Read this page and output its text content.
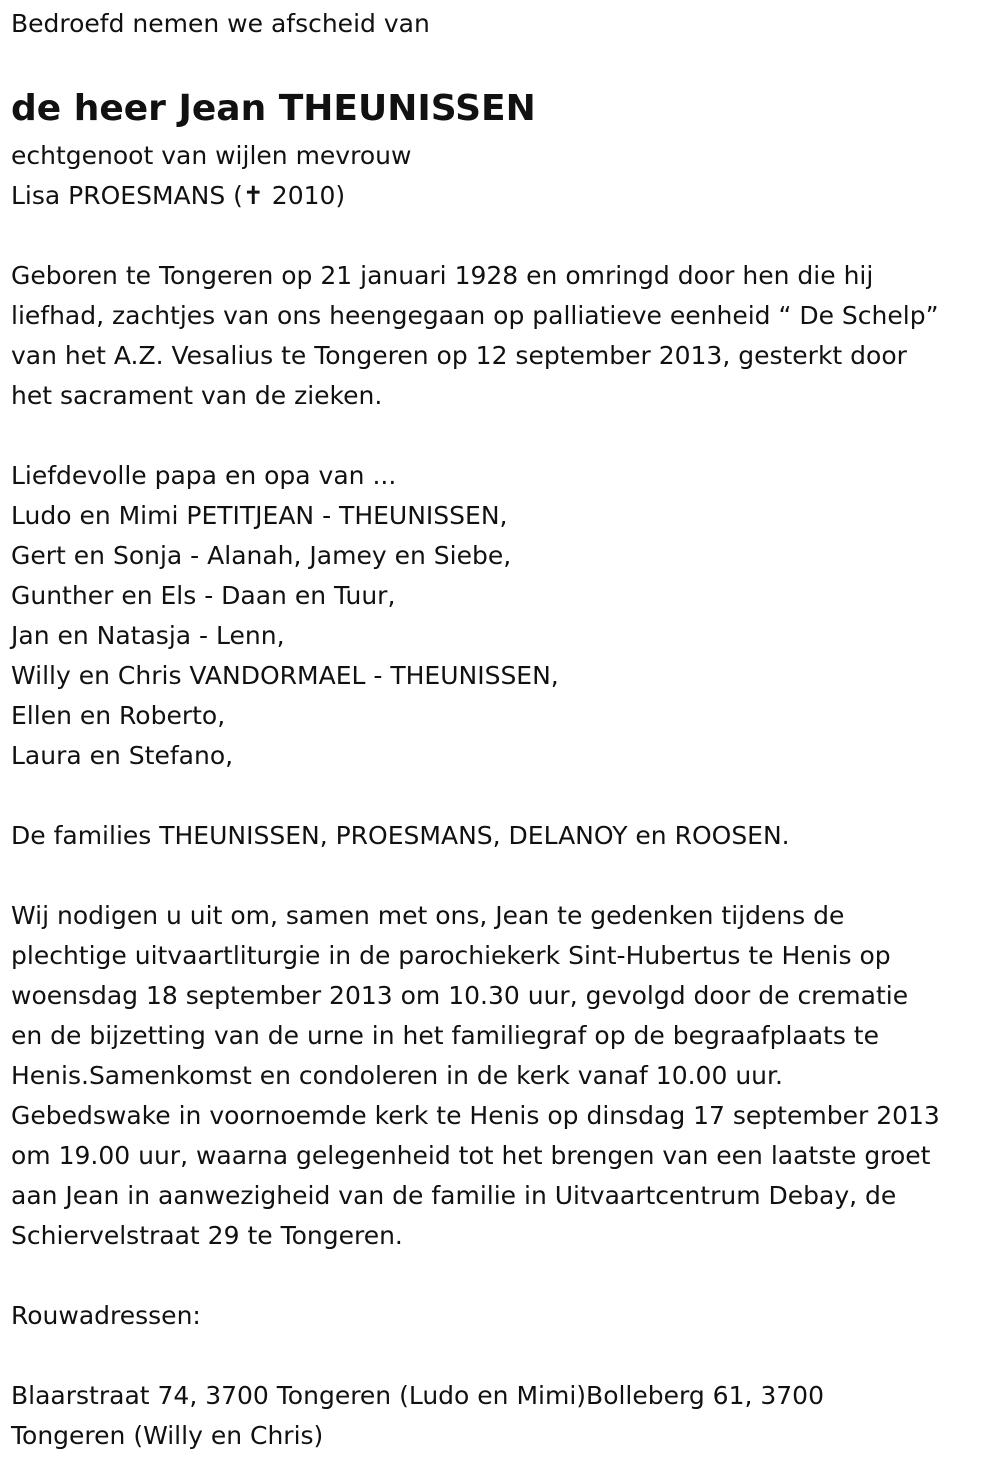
Bedroefd nemen we afscheid van
de heer Jean THEUNISSEN
echtgenoot van wijlen mevrouw
Lisa PROESMANS (✝ 2010)
Geboren te Tongeren op 21 januari 1928 en omringd door hen die hij
liefhad, zachtjes van ons heengegaan op palliatieve eenheid “ De Schelp”
van het A.Z. Vesalius te Tongeren op 12 september 2013, gesterkt door
het sacrament van de zieken.
Liefdevolle papa en opa van ...
Ludo en Mimi PETITJEAN - THEUNISSEN,
Gert en Sonja - Alanah, Jamey en Siebe,
Gunther en Els - Daan en Tuur,
Jan en Natasja - Lenn,
Willy en Chris VANDORMAEL - THEUNISSEN,
Ellen en Roberto,
Laura en Stefano,
De families THEUNISSEN, PROESMANS, DELANOY en ROOSEN.
Wij nodigen u uit om, samen met ons, Jean te gedenken tijdens de
plechtige uitvaartliturgie in de parochiekerk Sint-Hubertus te Henis op
woensdag 18 september 2013 om 10.30 uur, gevolgd door de crematie
en de bijzetting van de urne in het familiegraf op de begraafplaats te
Henis.Samenkomst en condoleren in de kerk vanaf 10.00 uur.
Gebedswake in voornoemde kerk te Henis op dinsdag 17 september 2013
om 19.00 uur, waarna gelegenheid tot het brengen van een laatste groet
aan Jean in aanwezigheid van de familie in Uitvaartcentrum Debay, de
Schiervelstraat 29 te Tongeren.
Rouwadressen:
Blaarstraat 74, 3700 Tongeren (Ludo en Mimi)Bolleberg 61, 3700
Tongeren (Willy en Chris)
